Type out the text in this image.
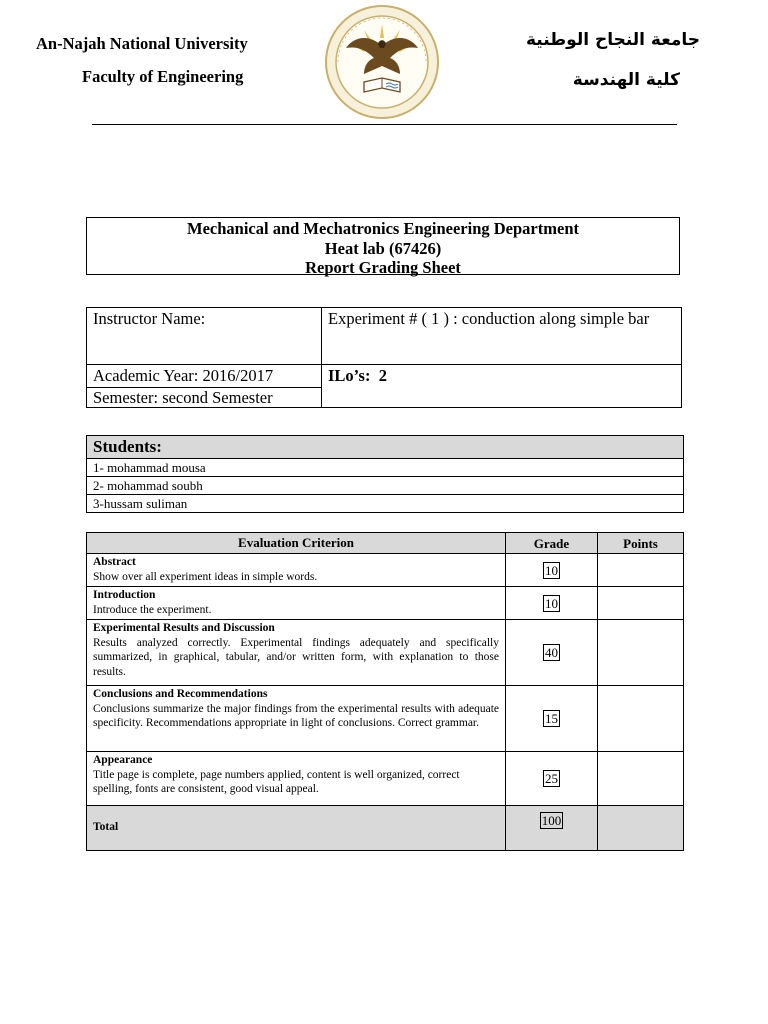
An-Najah National University
Faculty of Engineering
جامعة النجاح الوطنية
كلية الهندسة
Mechanical and Mechatronics Engineering Department
Heat lab (67426)
Report Grading Sheet
Instructor Name:	Experiment # ( 1 ) : conduction along simple bar

Academic Year: 2016/2017
Semester: second Semester	ILo’s: 2
Students:
1- mohammad mousa
2- mohammad soubh
3-hussam suliman
Evaluation Criterion	Grade	Points

Abstract
Show over all experiment ideas in simple words.	10	

Introduction
Introduce the experiment.	10	

Experimental Results and Discussion
Results analyzed correctly. Experimental findings adequately and specifically summarized, in graphical, tabular, and/or written form, with explanation to those results.	40	

Conclusions and Recommendations
Conclusions summarize the major findings from the experimental results with adequate specificity. Recommendations appropriate in light of conclusions. Correct grammar.	15	

Appearance
Title page is complete, page numbers applied, content is well organized, correct spelling, fonts are consistent, good visual appeal.	25	
Total	100	
